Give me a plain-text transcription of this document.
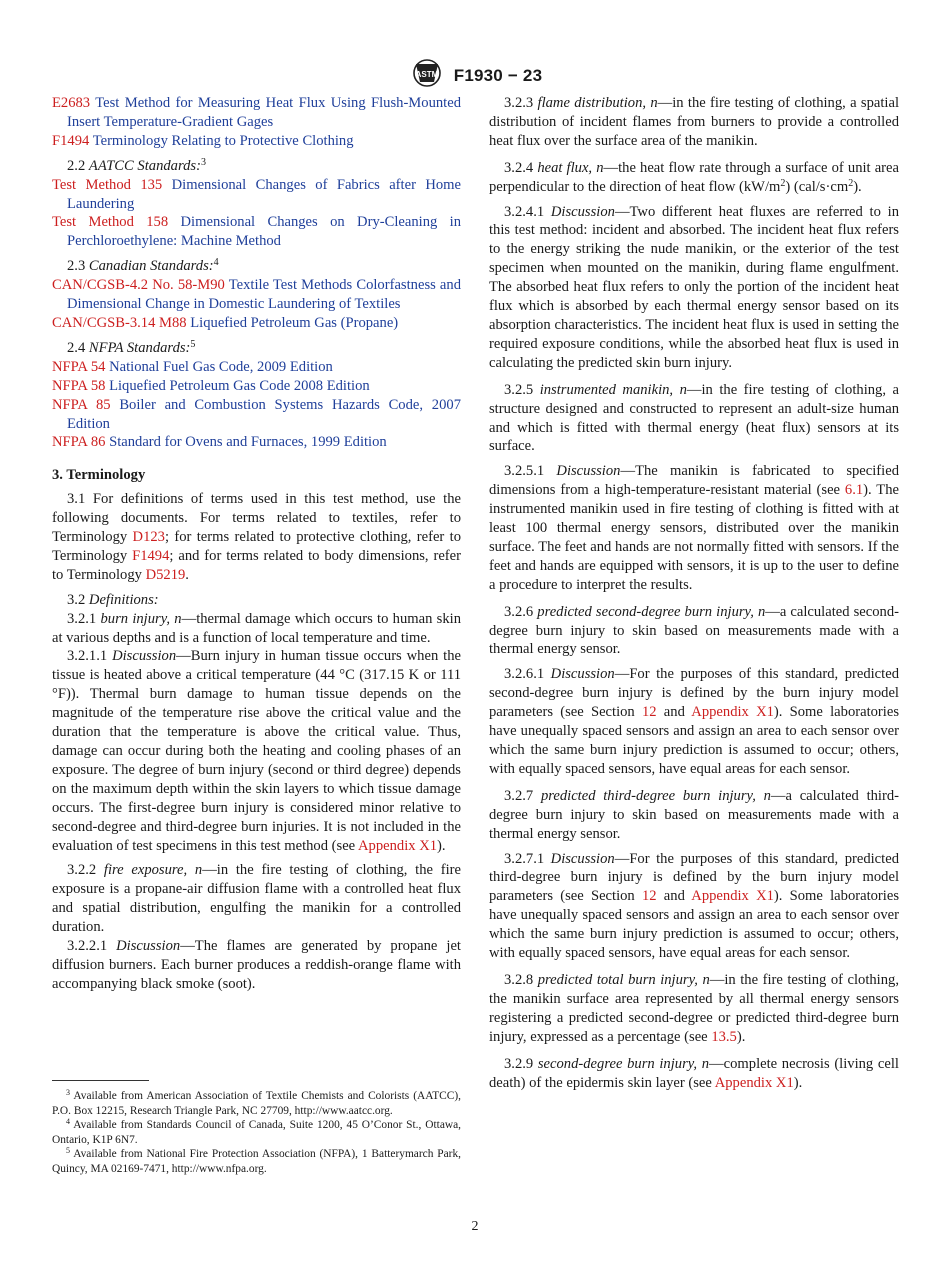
ASTM F1930 − 23

E2683 Test Method for Measuring Heat Flux Using Flush-Mounted Insert Temperature-Gradient Gages

F1494 Terminology Relating to Protective Clothing

2.2 AATCC Standards:$^3$

Test Method 135 Dimensional Changes of Fabrics after Home Laundering

Test Method 158 Dimensional Changes on Dry-Cleaning in Perchloroethylene: Machine Method

2.3 Canadian Standards:$^4$

CAN/CGSB-4.2 No. 58-M90 Textile Test Methods Colorfastness and Dimensional Change in Domestic Laundering of Textiles

CAN/CGSB-3.14 M88 Liquefied Petroleum Gas (Propane)

2.4 NFPA Standards:$^5$

NFPA 54 National Fuel Gas Code, 2009 Edition

NFPA 58 Liquefied Petroleum Gas Code 2008 Edition

NFPA 85 Boiler and Combustion Systems Hazards Code, 2007 Edition

NFPA 86 Standard for Ovens and Furnaces, 1999 Edition

3. Terminology

3.1 For definitions of terms used in this test method, use the following documents. For terms related to textiles, refer to Terminology D123; for terms related to protective clothing, refer to Terminology F1494; and for terms related to body dimensions, refer to Terminology D5219.

3.2 Definitions:

3.2.1 burn injury, n—thermal damage which occurs to human skin at various depths and is a function of local temperature and time.

3.2.1.1 Discussion—Burn injury in human tissue occurs when the tissue is heated above a critical temperature (44 °C (317.15 K or 111 °F)). Thermal burn damage to human tissue depends on the magnitude of the temperature rise above the critical value and the duration that the temperature is above the critical value. Thus, damage can occur during both the heating and cooling phases of an exposure. The degree of burn injury (second or third degree) depends on the maximum depth within the skin layers to which tissue damage occurs. The first-degree burn injury is considered minor relative to second-degree and third-degree burn injuries. It is not included in the evaluation of test specimens in this test method (see Appendix X1).

3.2.2 fire exposure, n—in the fire testing of clothing, the fire exposure is a propane-air diffusion flame with a controlled heat flux and spatial distribution, engulfing the manikin for a controlled duration.

3.2.2.1 Discussion—The flames are generated by propane jet diffusion burners. Each burner produces a reddish-orange flame with accompanying black smoke (soot).

$^3$ Available from American Association of Textile Chemists and Colorists (AATCC), P.O. Box 12215, Research Triangle Park, NC 27709, http://www.aatcc.org.

$^4$ Available from Standards Council of Canada, Suite 1200, 45 O’Conor St., Ottawa, Ontario, K1P 6N7.

$^5$ Available from National Fire Protection Association (NFPA), 1 Batterymarch Park, Quincy, MA 02169-7471, http://www.nfpa.org.

3.2.3 flame distribution, n—in the fire testing of clothing, a spatial distribution of incident flames from burners to provide a controlled heat flux over the surface area of the manikin.

3.2.4 heat flux, n—the heat flow rate through a surface of unit area perpendicular to the direction of heat flow $(kW/m^2)$ $(cal/s\cdot cm^2)$.

3.2.4.1 Discussion—Two different heat fluxes are referred to in this test method: incident and absorbed. The incident heat flux refers to the energy striking the nude manikin, or the exterior of the test specimen when mounted on the manikin, during flame engulfment. The absorbed heat flux refers to only the portion of the incident heat flux which is absorbed by each thermal energy sensor based on its absorption characteristics. The incident heat flux is used in setting the required exposure conditions, while the absorbed heat flux is used in calculating the predicted skin burn injury.

3.2.5 instrumented manikin, n—in the fire testing of clothing, a structure designed and constructed to represent an adult-size human and which is fitted with thermal energy (heat flux) sensors at its surface.

3.2.5.1 Discussion—The manikin is fabricated to specified dimensions from a high-temperature-resistant material (see 6.1). The instrumented manikin used in fire testing of clothing is fitted with at least 100 thermal energy sensors, distributed over the manikin surface. The feet and hands are not normally fitted with sensors. If the feet and hands are equipped with sensors, it is up to the user to define a procedure to interpret the results.

3.2.6 predicted second-degree burn injury, n—a calculated second-degree burn injury to skin based on measurements made with a thermal energy sensor.

3.2.6.1 Discussion—For the purposes of this standard, predicted second-degree burn injury is defined by the burn injury model parameters (see Section 12 and Appendix X1). Some laboratories have unequally spaced sensors and assign an area to each sensor over which the same burn injury prediction is assumed to occur; others, with equally spaced sensors, have equal areas for each sensor.

3.2.7 predicted third-degree burn injury, n—a calculated third-degree burn injury to skin based on measurements made with a thermal energy sensor.

3.2.7.1 Discussion—For the purposes of this standard, predicted third-degree burn injury is defined by the burn injury model parameters (see Section 12 and Appendix X1). Some laboratories have unequally spaced sensors and assign an area to each sensor over which the same burn injury prediction is assumed to occur; others, with equally spaced sensors, have equal areas for each sensor.

3.2.8 predicted total burn injury, n—in the fire testing of clothing, the manikin surface area represented by all thermal energy sensors registering a predicted second-degree or predicted third-degree burn injury, expressed as a percentage (see 13.5).

3.2.9 second-degree burn injury, n—complete necrosis (living cell death) of the epidermis skin layer (see Appendix X1).

2
